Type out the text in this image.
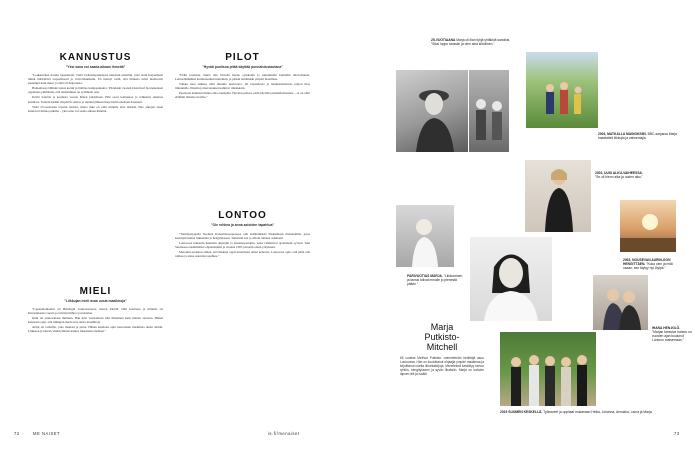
KANNUSTUS
"Yksi sana voi saada aikaan ihmeitä"

"Loukkaviksi sivuttu lapsuuttani. Vielä varhaislapsuudessa tutustuin sanoihin, joita vielä korjaamaan minut määrittävä tarpeellisesti ja velvollisuuksiin. En tiennyt vielä, että minusta tulisi luultavasti pienempi kuin muut, ja siitä oli helpotusta.

Haluamassa lähinnä tanssi kotiin ja hallitse kumppanuutta. Yhdeksän vuoden iässä Karl Kornakosken oppilaana ymmärsin, että tanssiminen on sydämeni asia.

Kävin balettia ja koulusta vuosia hänen johdollaan. Hän osasi kannustaa ja rohkaista oikeissa kohdissa. Tanssin kaikki iltapäivät salissa ja tuntien jälkeen harjoittelin edelleen itsekseni.

Vielä 23-vuotiaana lopetin tanssin, mutta liike on ollut minulle aina tärkeää. Nuo aikojen sanat kantoivat minua pitkälle – yksi sana voi saada aikaan ihmeitä.

MIELI
"Liikkujan mieli avaa uusia maailmoja"

"Lapsuudenkotini oli Helsingin Lauttasaaressa, meren äärellä. Olin koulussa ja minulla oli harrastuksena vuoria ja talvisin hiihtoa ja luistelua.

Isäni oli rennosanaan ihminen. Hän kävi vastaamaan niin liikunnan kuin mielen asioissa. Hänen kanssaan opin, että liikkujan mieli avaa uusia maailmoja.

Aitini oli taiteilija, joka maalasi ja piirsi. Hänen kauttaan opin katsomaan maailmaa uusin silmin. Liikkeen ja taiteen yhdistyminen kulkee mukanani edelleen."

72	ME NAISET
PILOT
"Hyvää puolisoa pitää käyttää ponnahduslautana"

"Pidin koulusta, mutta olin hirveän huono opiskelija ja suunnittelin kotiäidin tulevaisuutta. Lentoemännäksi kouluttauduin kuitenkin, ja pääsin lentämään ympäri maailmaa.

Vaikka tuon leikkaa ollut minulle uusiavarta, jäi vapaudessa ja matkustamisessa paljon tilaa liikunnalle. Ilmailu ja harrastukset kulkivat rinnakkain.

Puolisoni kannusti minua aina eteenpäin. Hyvää puolisoa pitää käyttää ponnahduslautana – se on ollut elämäni tärkein oivallus."

LONTOO
"Ole rohkea ja anna asioiden tapahtua"

"Tanssipetjagalla Suomen Kansallisoopperassa olin kehittämässä liikkumisen menetelmää, jossa keskityin kehon liikkeisiin ja hengitykseen. Tunnistin sen jo silloin omaksi asiakseni.

Lontoossa tutustuin lukuisiin ohjaajiin ja tanssinopettajiin, jotka vaikuttivat ajatteluuni syvästi. Tein Suomessa ensimmäiset ohjaustuntini ja vuonna 1985 perustin oman yritykseni.

Metodini perustuu siihen, että liikkuja oppii tuntemaan oman kehonsa. Lontoossa opin, että pitää olla rohkea ja antaa asioiden tapahtua."

is.fi/menaiset
25-VUOTIAANA Marja oli liian tyhjä yhtäkkiä sanoiksi. "Siksi loppu tanssiin ja olen aina kiitollinen."
2003, MATKALLA MAINOKSIIN. BBC-sarjassa Marja haastatteli liikkujia ja valmentajia.
2002, UUSI ALKU-VAIHEESSA. "Se oli hieno aika ja uuden alku."
2003, NOUSEVAN AURIN-GON HENGITTÄEN. "Kuka olen ja mitä osaan, sen täytyy nyt löytyä."
PARIVUOTIAS MARJA. "Liikkuminen ja tanssi tulivat minulle jo pienestä pitäen."
IHANA HEN-KILÖ. "Marjan tanssiva hahmo on vuosien ajan kuulunut Lontoon maisemaan."
Marja
Putkisto-
Mitchell

65 vuotias Method Putkisto -menetelmän kehittäjä asuu Lontoossa. Hän on kouluttanut ohjaajia ympäri maailmaa ja kirjoittanut useita liikuntakirjoja. Menetelmä keskittyy kehon ryhtiin, hengitykseen ja syviin lihaksiin. Marja on kahden lapsen äiti ja isoäiti.

2019 SUOMEN KESKELLÄ. Työkaverit ja oppilaat mukanaan Helka, Johanna, Annukka, Laura ja Marja.
73
